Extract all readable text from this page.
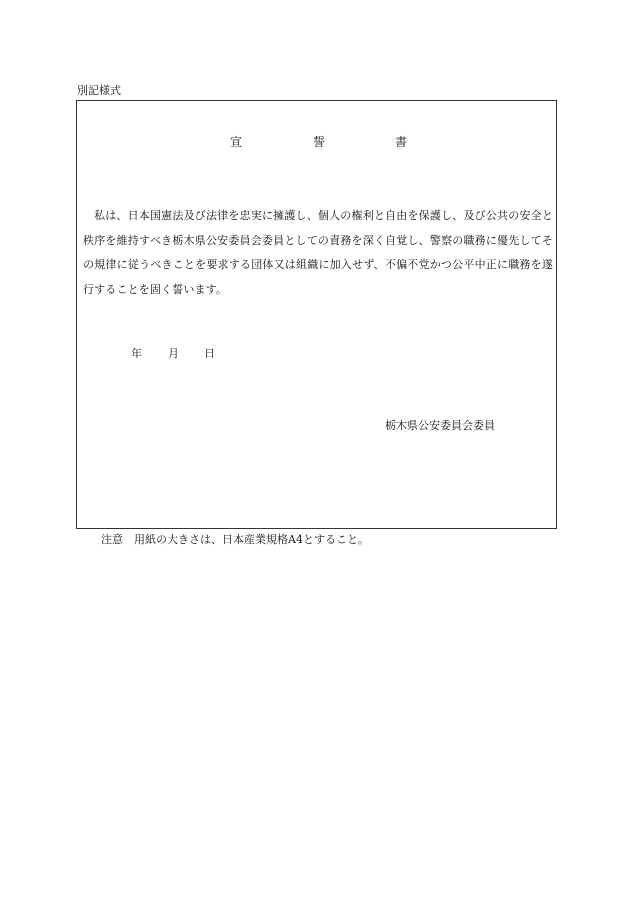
別記様式
宣	誓	書
私は、日本国憲法及び法律を忠実に擁護し、個人の権利と自由を保護し、及び公共の安全と秩序を維持すべき栃木県公安委員会委員としての責務を深く自覚し、警察の職務に優先してその規律に従うべきことを要求する団体又は組織に加入せず、不偏不党かつ公平中正に職務を遂行することを固く誓います。
年 月 日
栃木県公安委員会委員
注意　用紙の大きさは、日本産業規格A4とすること。
